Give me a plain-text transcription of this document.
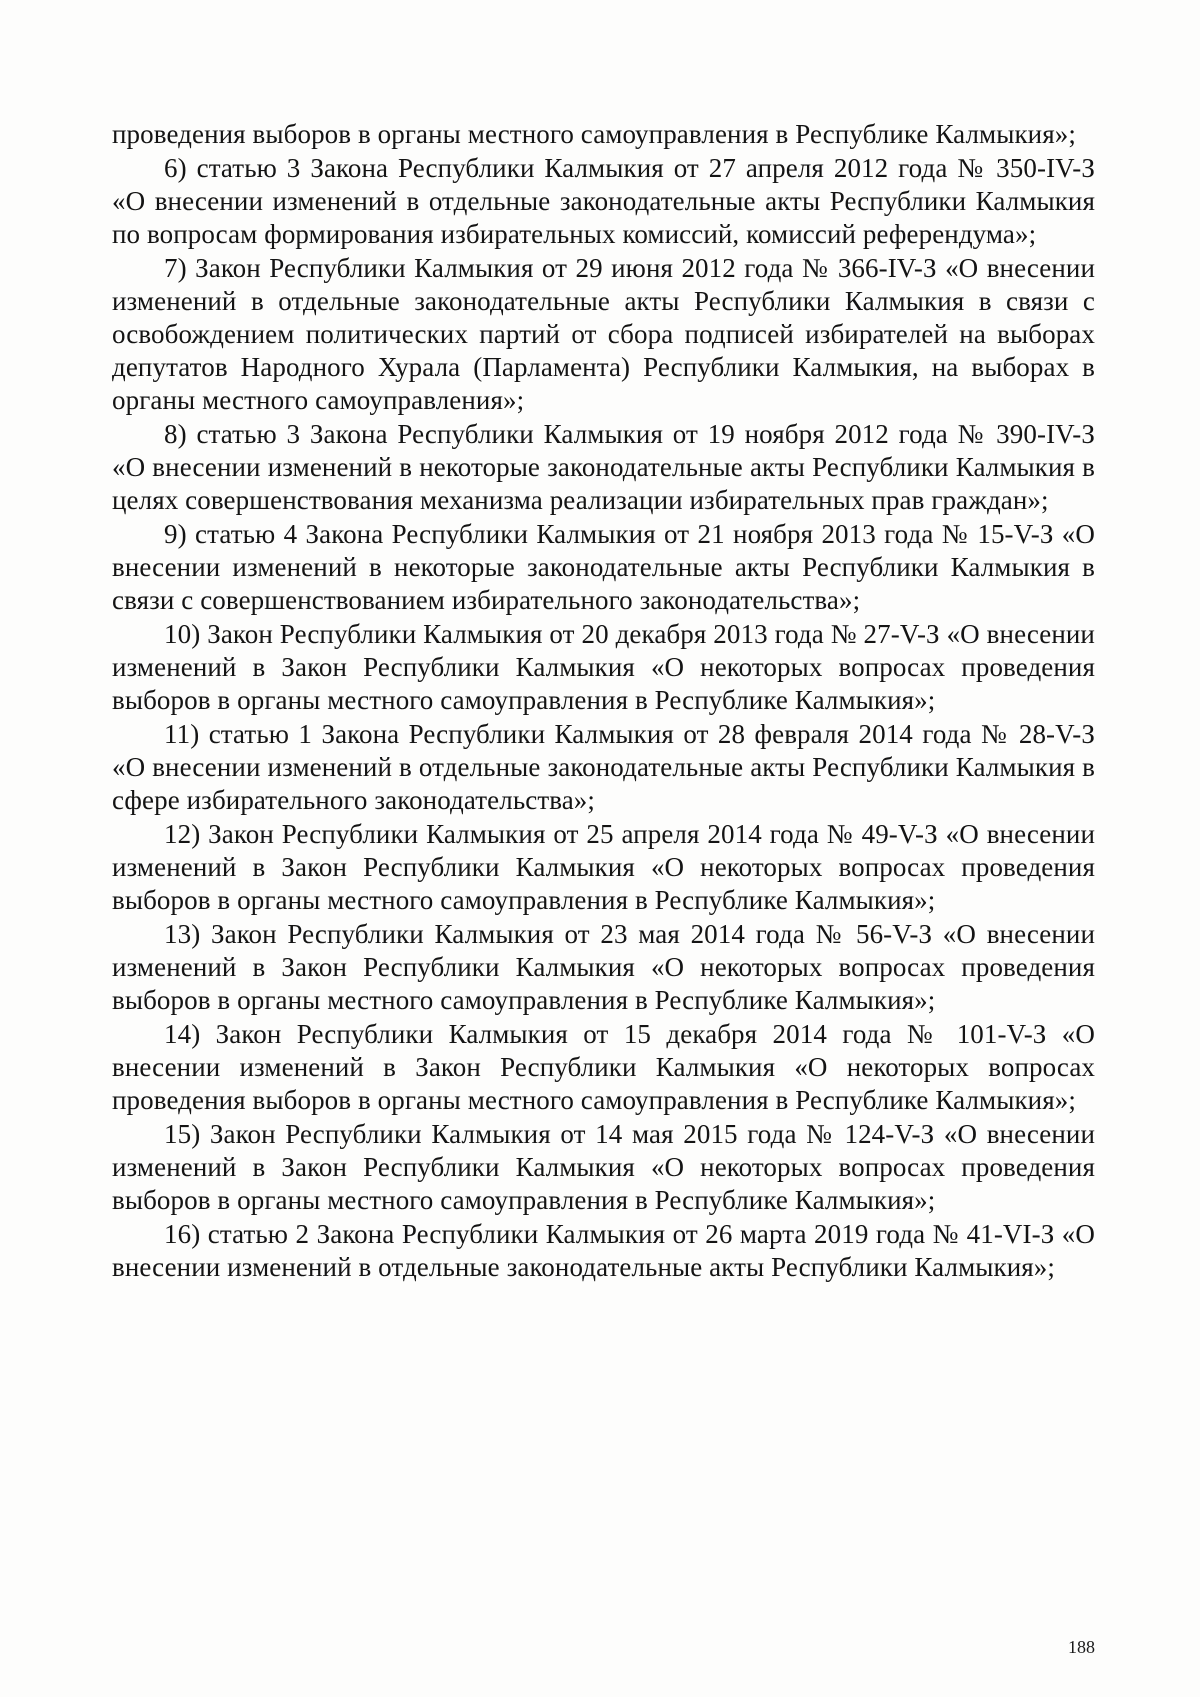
проведения выборов в органы местного самоуправления в Республике Калмыкия»;

6) статью 3 Закона Республики Калмыкия от 27 апреля 2012 года № 350-IV-З «О внесении изменений в отдельные законодательные акты Республики Калмыкия по вопросам формирования избирательных комиссий, комиссий референдума»;

7) Закон Республики Калмыкия от 29 июня 2012 года № 366-IV-З «О внесении изменений в отдельные законодательные акты Республики Калмыкия в связи с освобождением политических партий от сбора подписей избирателей на выборах депутатов Народного Хурала (Парламента) Республики Калмыкия, на выборах в органы местного самоуправления»;

8) статью 3 Закона Республики Калмыкия от 19 ноября 2012 года № 390-IV-З «О внесении изменений в некоторые законодательные акты Республики Калмыкия в целях совершенствования механизма реализации избирательных прав граждан»;

9) статью 4 Закона Республики Калмыкия от 21 ноября 2013 года № 15-V-З «О внесении изменений в некоторые законодательные акты Республики Калмыкия в связи с совершенствованием избирательного законодательства»;

10) Закон Республики Калмыкия от 20 декабря 2013 года № 27-V-З «О внесении изменений в Закон Республики Калмыкия «О некоторых вопросах проведения выборов в органы местного самоуправления в Республике Калмыкия»;

11) статью 1 Закона Республики Калмыкия от 28 февраля 2014 года № 28-V-З «О внесении изменений в отдельные законодательные акты Республики Калмыкия в сфере избирательного законодательства»;

12) Закон Республики Калмыкия от 25 апреля 2014 года № 49-V-З «О внесении изменений в Закон Республики Калмыкия «О некоторых вопросах проведения выборов в органы местного самоуправления в Республике Калмыкия»;

13) Закон Республики Калмыкия от 23 мая 2014 года № 56-V-З «О внесении изменений в Закон Республики Калмыкия «О некоторых вопросах проведения выборов в органы местного самоуправления в Республике Калмыкия»;

14) Закон Республики Калмыкия от 15 декабря 2014 года № 101-V-З «О внесении изменений в Закон Республики Калмыкия «О некоторых вопросах проведения выборов в органы местного самоуправления в Республике Калмыкия»;

15) Закон Республики Калмыкия от 14 мая 2015 года № 124-V-З «О внесении изменений в Закон Республики Калмыкия «О некоторых вопросах проведения выборов в органы местного самоуправления в Республике Калмыкия»;

16) статью 2 Закона Республики Калмыкия от 26 марта 2019 года № 41-VI-З «О внесении изменений в отдельные законодательные акты Республики Калмыкия»;

188
